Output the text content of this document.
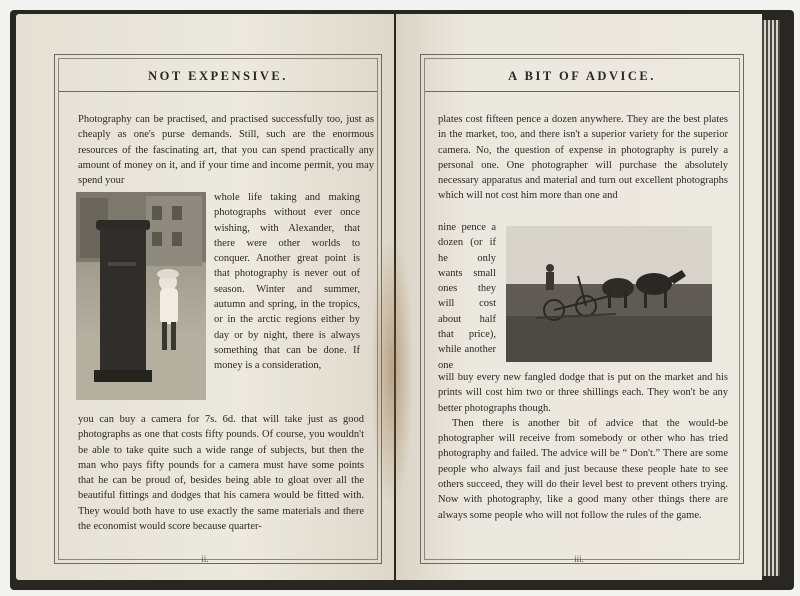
NOT EXPENSIVE.

Photography can be practised, and practised successfully too, just as cheaply as one's purse demands. Still, such are the enormous resources of the fascinating art, that you can spend practically any amount of money on it, and if your time and income permit, you may spend your

whole life taking and making photographs without ever once wishing, with Alexander, that there were other worlds to conquer. Another great point is that photography is never out of season. Winter and summer, autumn and spring, in the tropics, or in the arctic regions either by day or by night, there is always something that can be done. If money is a consideration,

you can buy a camera for 7s. 6d. that will take just as good photographs as one that costs fifty pounds. Of course, you wouldn't be able to take quite such a wide range of subjects, but then the man who pays fifty pounds for a camera must have some points that he can be proud of, besides being able to gloat over all the beautiful fittings and dodges that his camera would be fitted with. They would both have to use exactly the same materials and there the economist would score because quarter-

ii.
A BIT OF ADVICE.

plates cost fifteen pence a dozen anywhere. They are the best plates in the market, too, and there isn't a superior variety for the superior camera. No, the question of expense in photography is purely a personal one. One photographer will purchase the absolutely necessary apparatus and material and turn out excellent photographs which will not cost him more than one and

nine pence a dozen (or if he only wants small ones they will cost about half that price), while another one

will buy every new fangled dodge that is put on the market and his prints will cost him two or three shillings each. They won't be any better photographs though.

Then there is another bit of advice that the would-be photographer will receive from somebody or other who has tried photography and failed. The advice will be “ Don't.” There are some people who always fail and just because these people hate to see others succeed, they will do their level best to prevent others trying. Now with photography, like a good many other things there are always some people who will not follow the rules of the game.

iii.
